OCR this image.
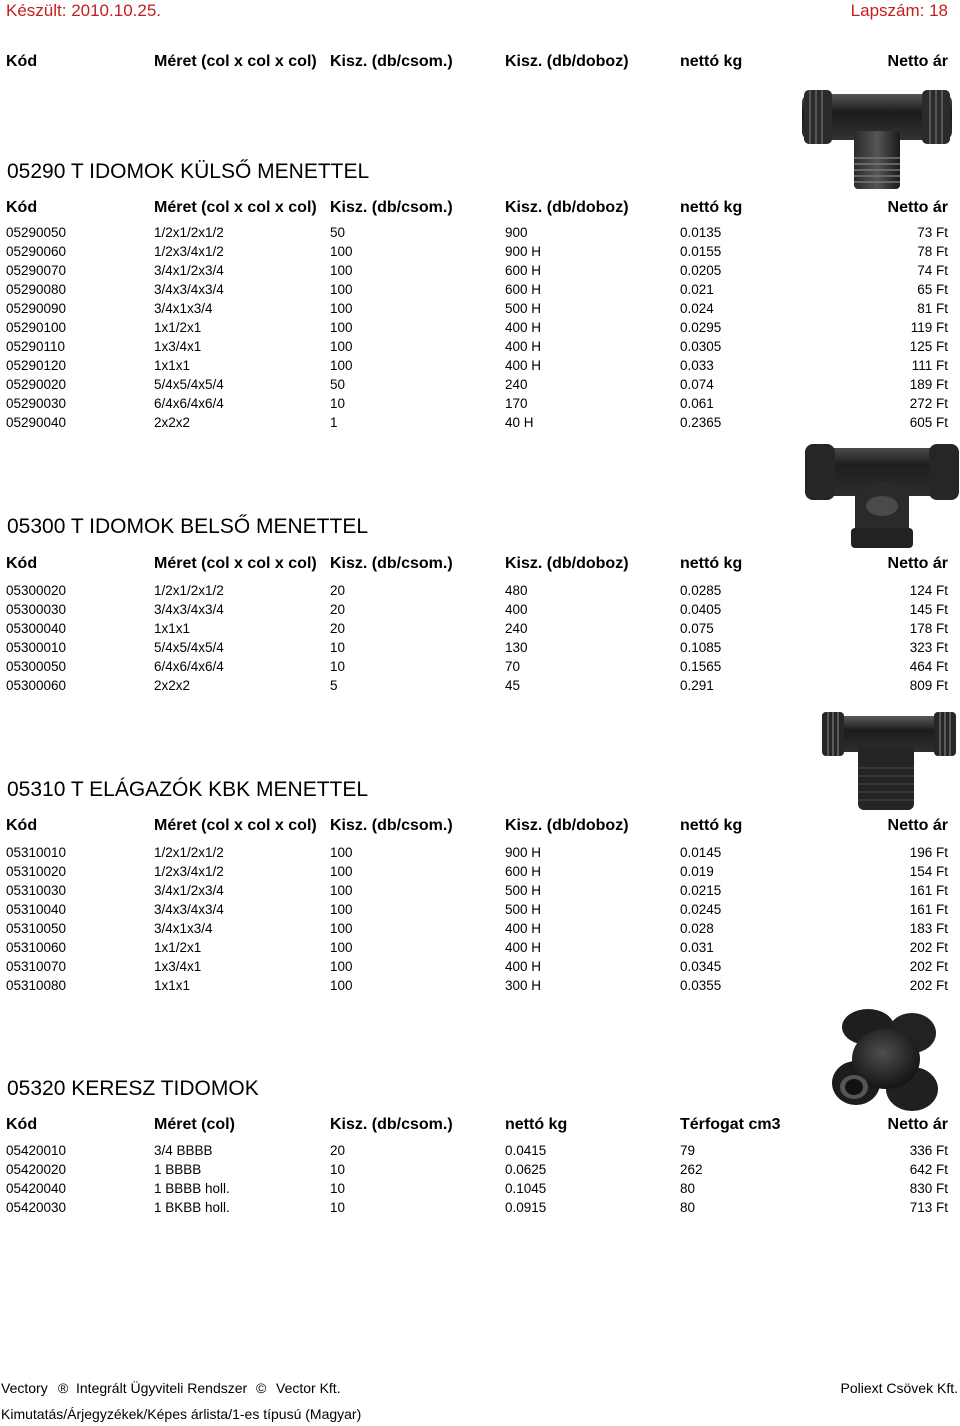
Készült: 2010.10.25.	Lapszám: 18
Kód	Méret (col x col x col) Kisz. (db/csom.)	Kisz. (db/doboz)	nettó kg	Netto ár
05290 T IDOMOK KÜLSŐ MENETTEL
Kód	Méret (col x col x col) Kisz. (db/csom.)	Kisz. (db/doboz)	nettó kg	Netto ár
05290050	1/2x1/2x1/2	50	900	0.0135	73 Ft
05290060	1/2x3/4x1/2	100	900 H	0.0155	78 Ft
05290070	3/4x1/2x3/4	100	600 H	0.0205	74 Ft
05290080	3/4x3/4x3/4	100	600 H	0.021	65 Ft
05290090	3/4x1x3/4	100	500 H	0.024	81 Ft
05290100	1x1/2x1	100	400 H	0.0295	119 Ft
05290110	1x3/4x1	100	400 H	0.0305	125 Ft
05290120	1x1x1	100	400 H	0.033	111 Ft
05290020	5/4x5/4x5/4	50	240	0.074	189 Ft
05290030	6/4x6/4x6/4	10	170	0.061	272 Ft
05290040	2x2x2	1	40 H	0.2365	605 Ft
05300 T IDOMOK BELSŐ MENETTEL
Kód	Méret (col x col x col) Kisz. (db/csom.)	Kisz. (db/doboz)	nettó kg	Netto ár
05300020	1/2x1/2x1/2	20	480	0.0285	124 Ft
05300030	3/4x3/4x3/4	20	400	0.0405	145 Ft
05300040	1x1x1	20	240	0.075	178 Ft
05300010	5/4x5/4x5/4	10	130	0.1085	323 Ft
05300050	6/4x6/4x6/4	10	70	0.1565	464 Ft
05300060	2x2x2	5	45	0.291	809 Ft
05310 T ELÁGAZÓK KBK MENETTEL
Kód	Méret (col x col x col) Kisz. (db/csom.)	Kisz. (db/doboz)	nettó kg	Netto ár
05310010	1/2x1/2x1/2	100	900 H	0.0145	196 Ft
05310020	1/2x3/4x1/2	100	600 H	0.019	154 Ft
05310030	3/4x1/2x3/4	100	500 H	0.0215	161 Ft
05310040	3/4x3/4x3/4	100	500 H	0.0245	161 Ft
05310050	3/4x1x3/4	100	400 H	0.028	183 Ft
05310060	1x1/2x1	100	400 H	0.031	202 Ft
05310070	1x3/4x1	100	400 H	0.0345	202 Ft
05310080	1x1x1	100	300 H	0.0355	202 Ft
05320 KERESZ TIDOMOK
Kód	Méret (col)	Kisz. (db/csom.)	nettó kg	Térfogat cm3	Netto ár
05420010	3/4 BBBB	20	0.0415	79	336 Ft
05420020	1 BBBB	10	0.0625	262	642 Ft
05420040	1 BBBB holl.	10	0.1045	80	830 Ft
05420030	1 BKBB holl.	10	0.0915	80	713 Ft
Vectory ® Integrált Ügyviteli Rendszer © Vector Kft.	Poliext Csövek Kft.
Kimutatás/Árjegyzékek/Képes árlista/1-es típusú (Magyar)
